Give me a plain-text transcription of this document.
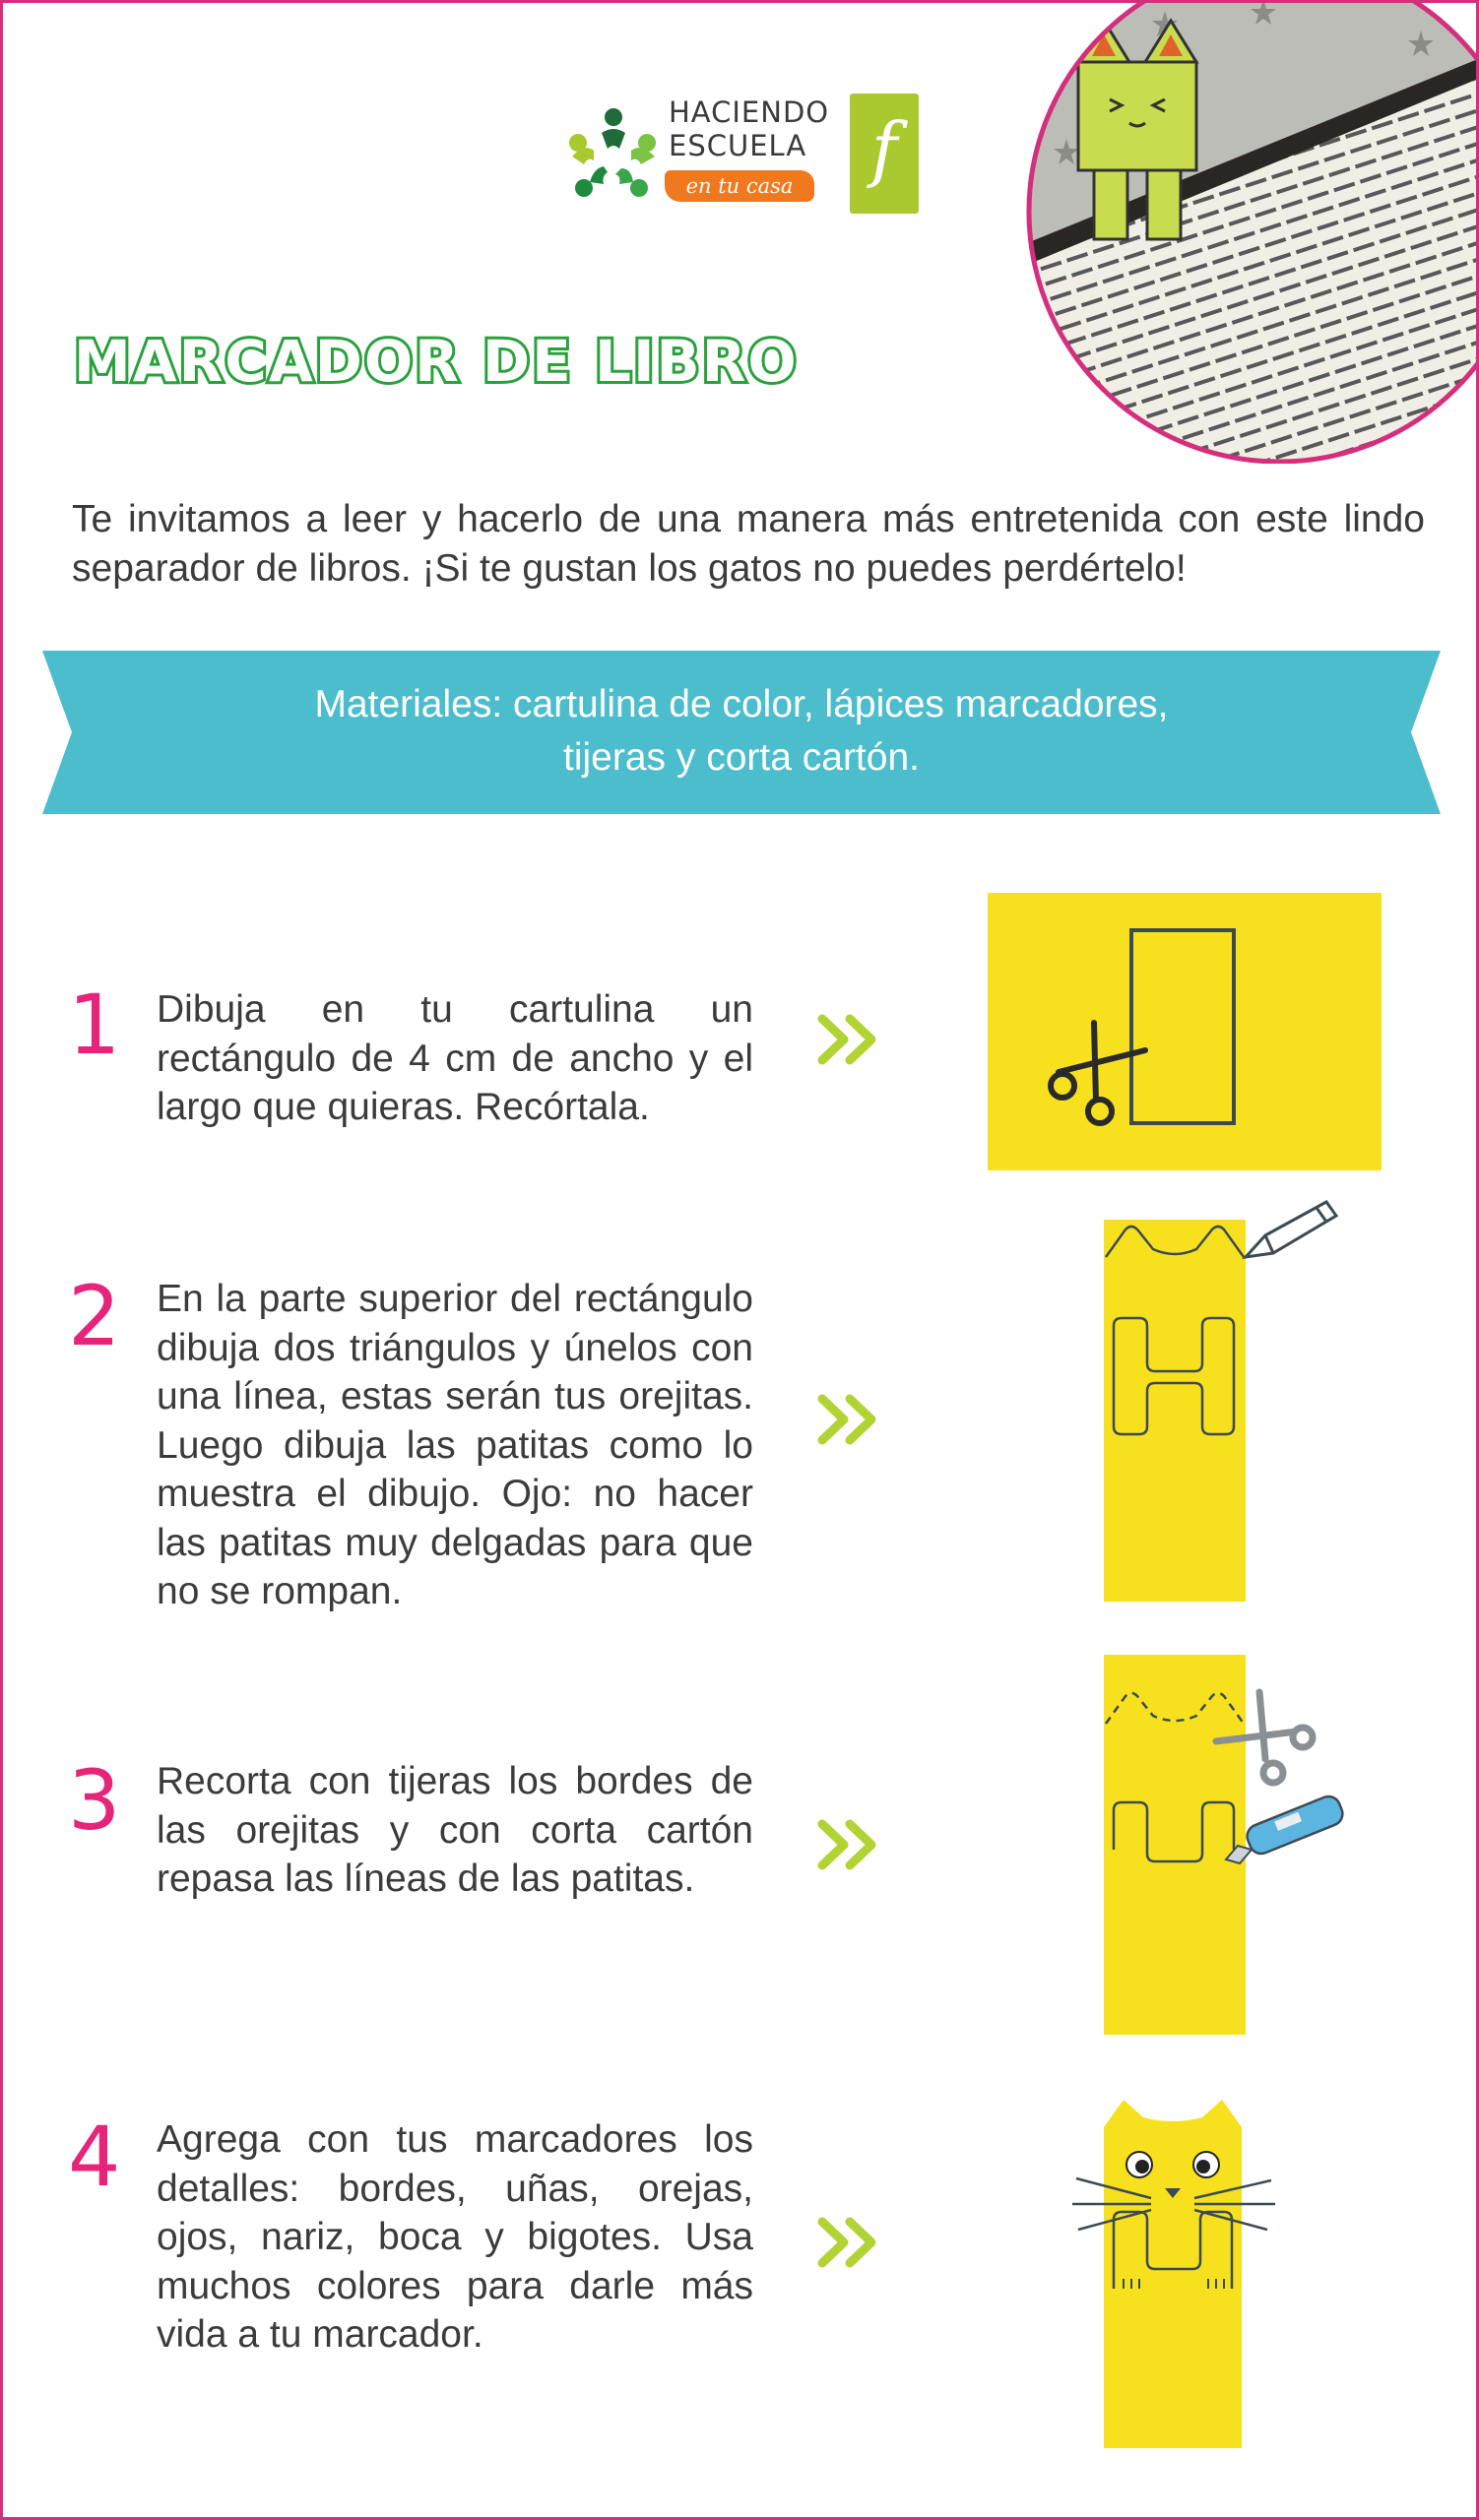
HACIENDO
ESCUELA
en tu casa	f
MARCADOR DE LIBRO

Te invitamos a leer y hacerlo de una manera más entretenida con este lindo separador de libros. ¡Si te gustan los gatos no puedes perdértelo!

Materiales: cartulina de color, lápices marcadores,
tijeras y corta cartón.
1 Dibuja en tu cartulina un rectángulo de 4 cm de ancho y el largo que quieras. Recórtala.

2 En la parte superior del rectángulo dibuja dos triángulos y únelos con una línea, estas serán tus orejitas. Luego dibuja las patitas como lo muestra el dibujo. Ojo: no hacer las patitas muy delgadas para que no se rompan.

3 Recorta con tijeras los bordes de las orejitas y con corta cartón repasa las líneas de las patitas.

4 Agrega con tus marcadores los detalles: bordes, uñas, orejas, ojos, nariz, boca y bigotes. Usa muchos colores para darle más vida a tu marcador.
